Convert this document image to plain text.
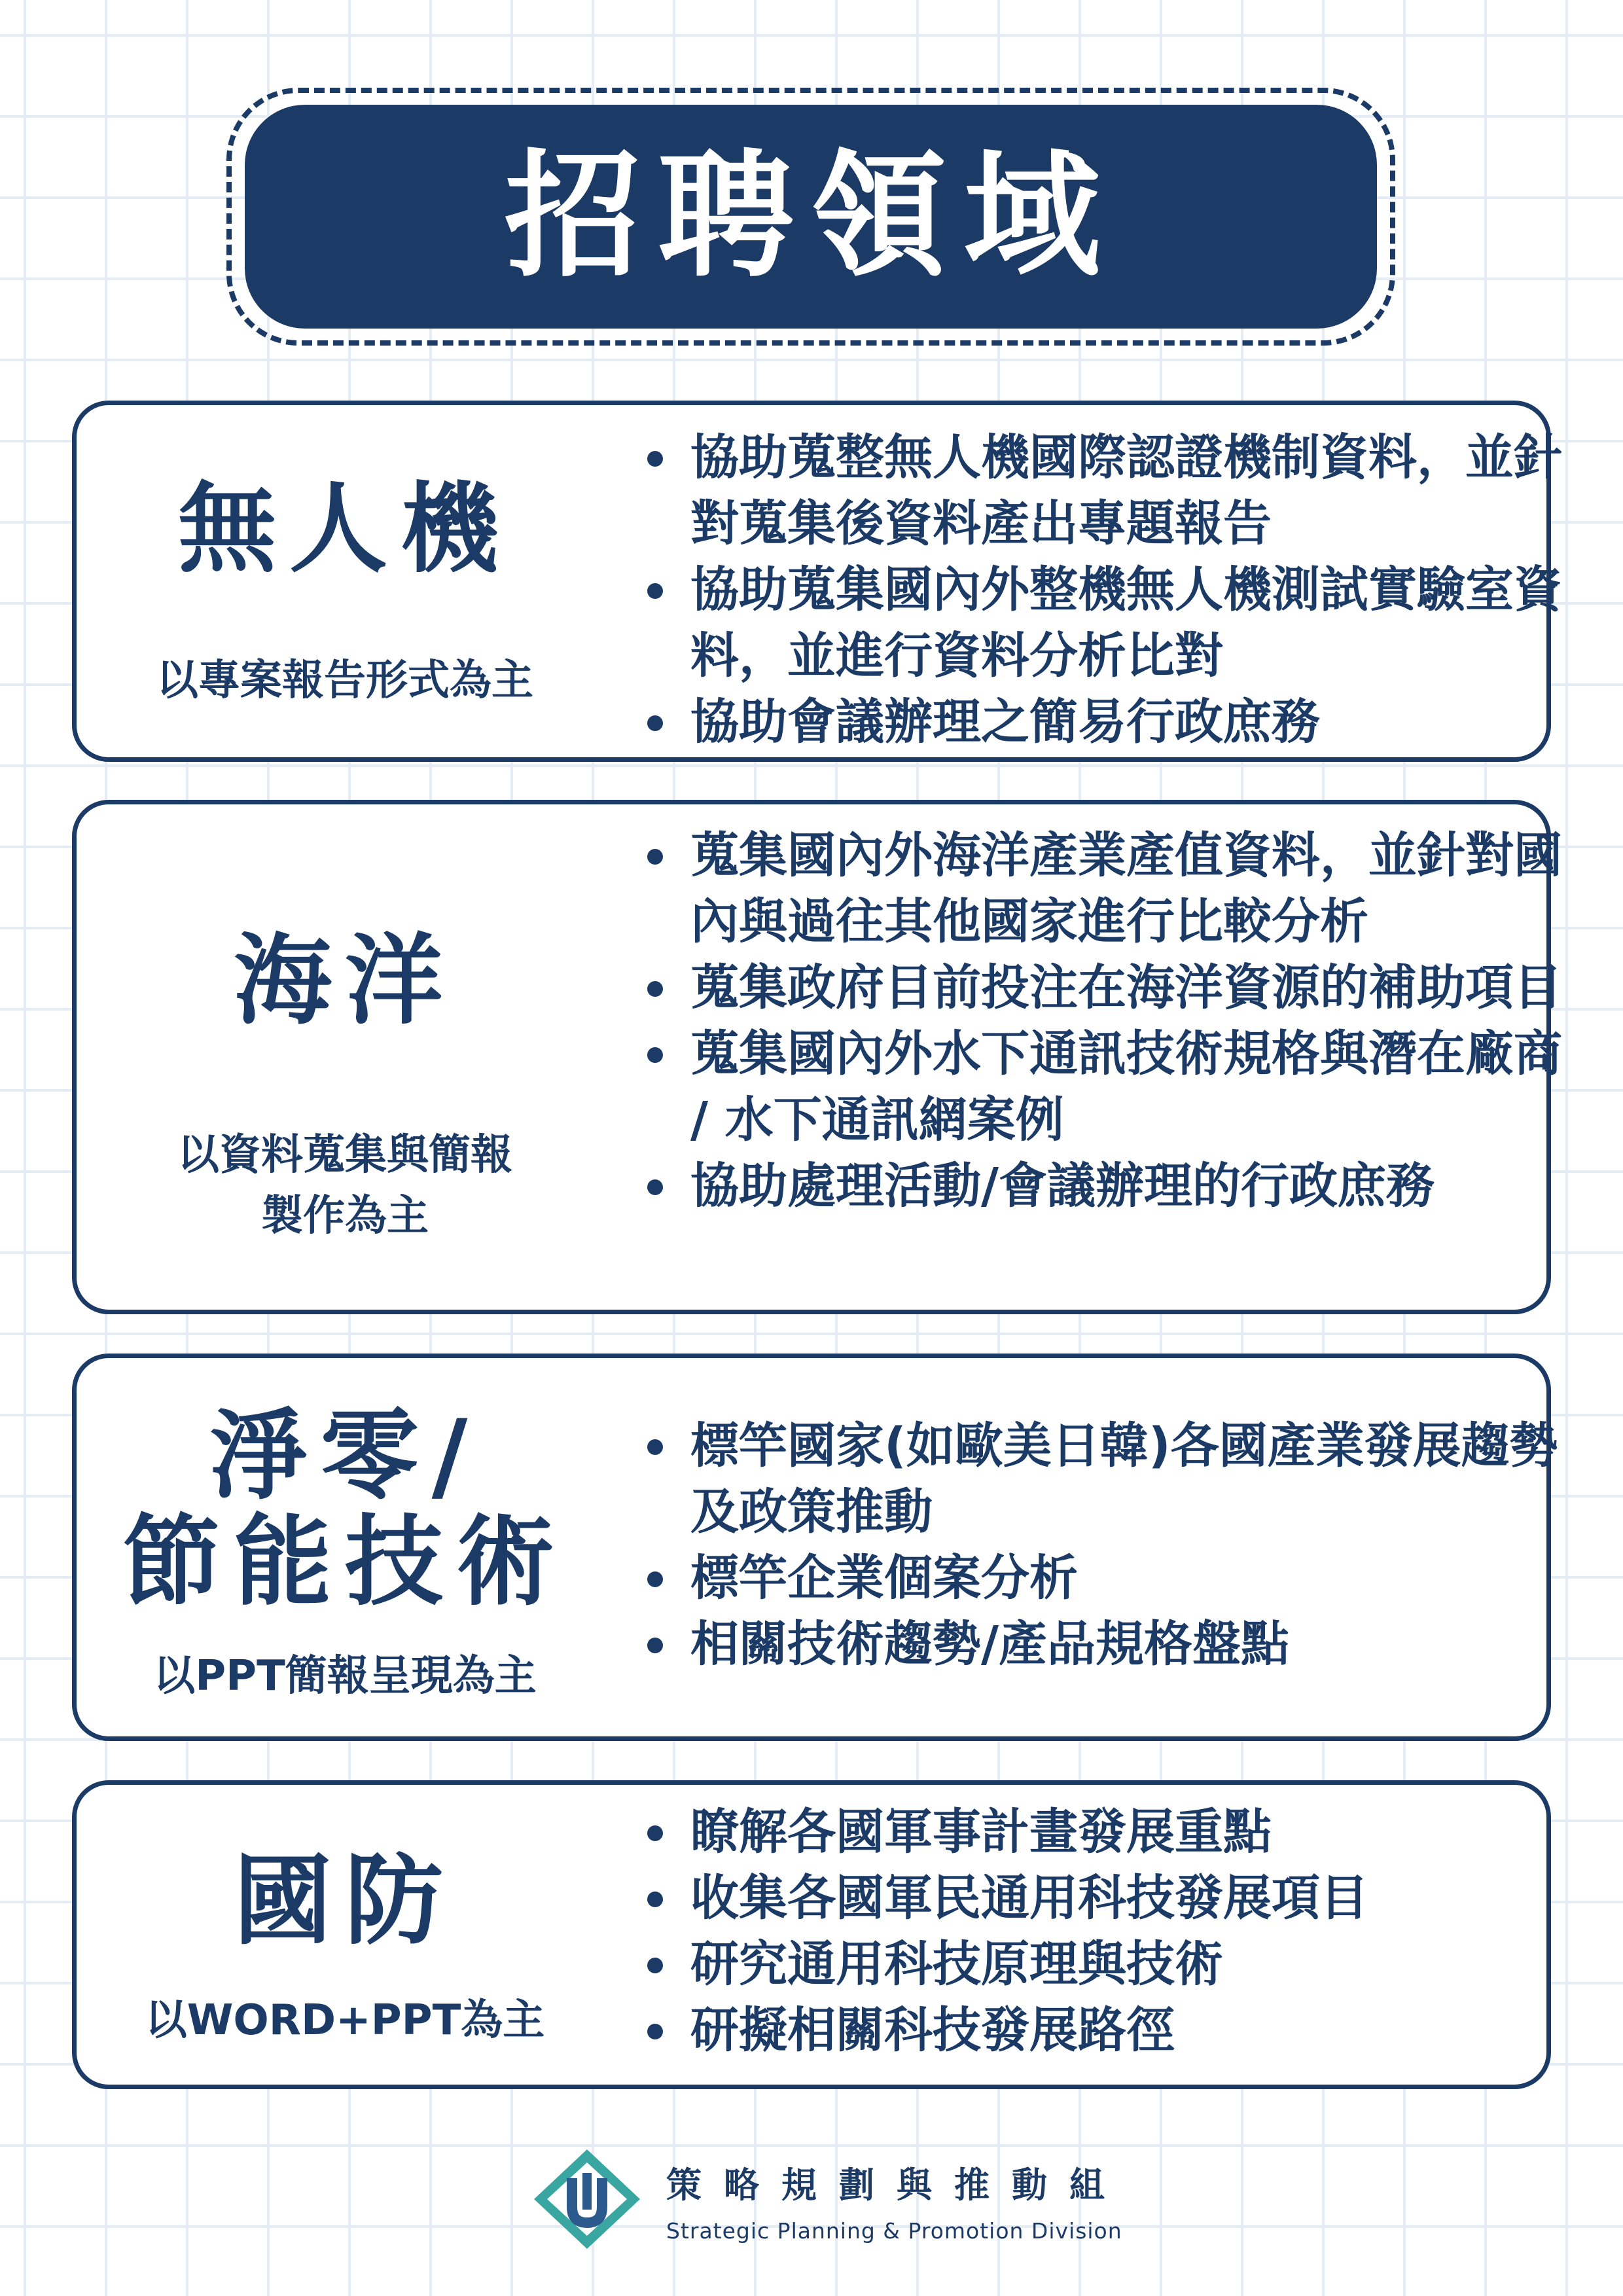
招聘領域
無人機
以專案報告形式為主
協助蒐整無人機國際認證機制資料，並針對蒐集後資料產出專題報告
協助蒐集國內外整機無人機測試實驗室資料，並進行資料分析比對
協助會議辦理之簡易行政庶務
海洋
以資料蒐集與簡報製作為主
蒐集國內外海洋產業產值資料，並針對國內與過往其他國家進行比較分析
蒐集政府目前投注在海洋資源的補助項目
蒐集國內外水下通訊技術規格與潛在廠商 / 水下通訊網案例
協助處理活動/會議辦理的行政庶務
淨零/
節能技術
以PPT簡報呈現為主
標竿國家(如歐美日韓)各國產業發展趨勢及政策推動
標竿企業個案分析
相關技術趨勢/產品規格盤點
國防
以WORD+PPT為主
瞭解各國軍事計畫發展重點
收集各國軍民通用科技發展項目
研究通用科技原理與技術
研擬相關科技發展路徑
策略規劃與推動組
Strategic Planning & Promotion Division
